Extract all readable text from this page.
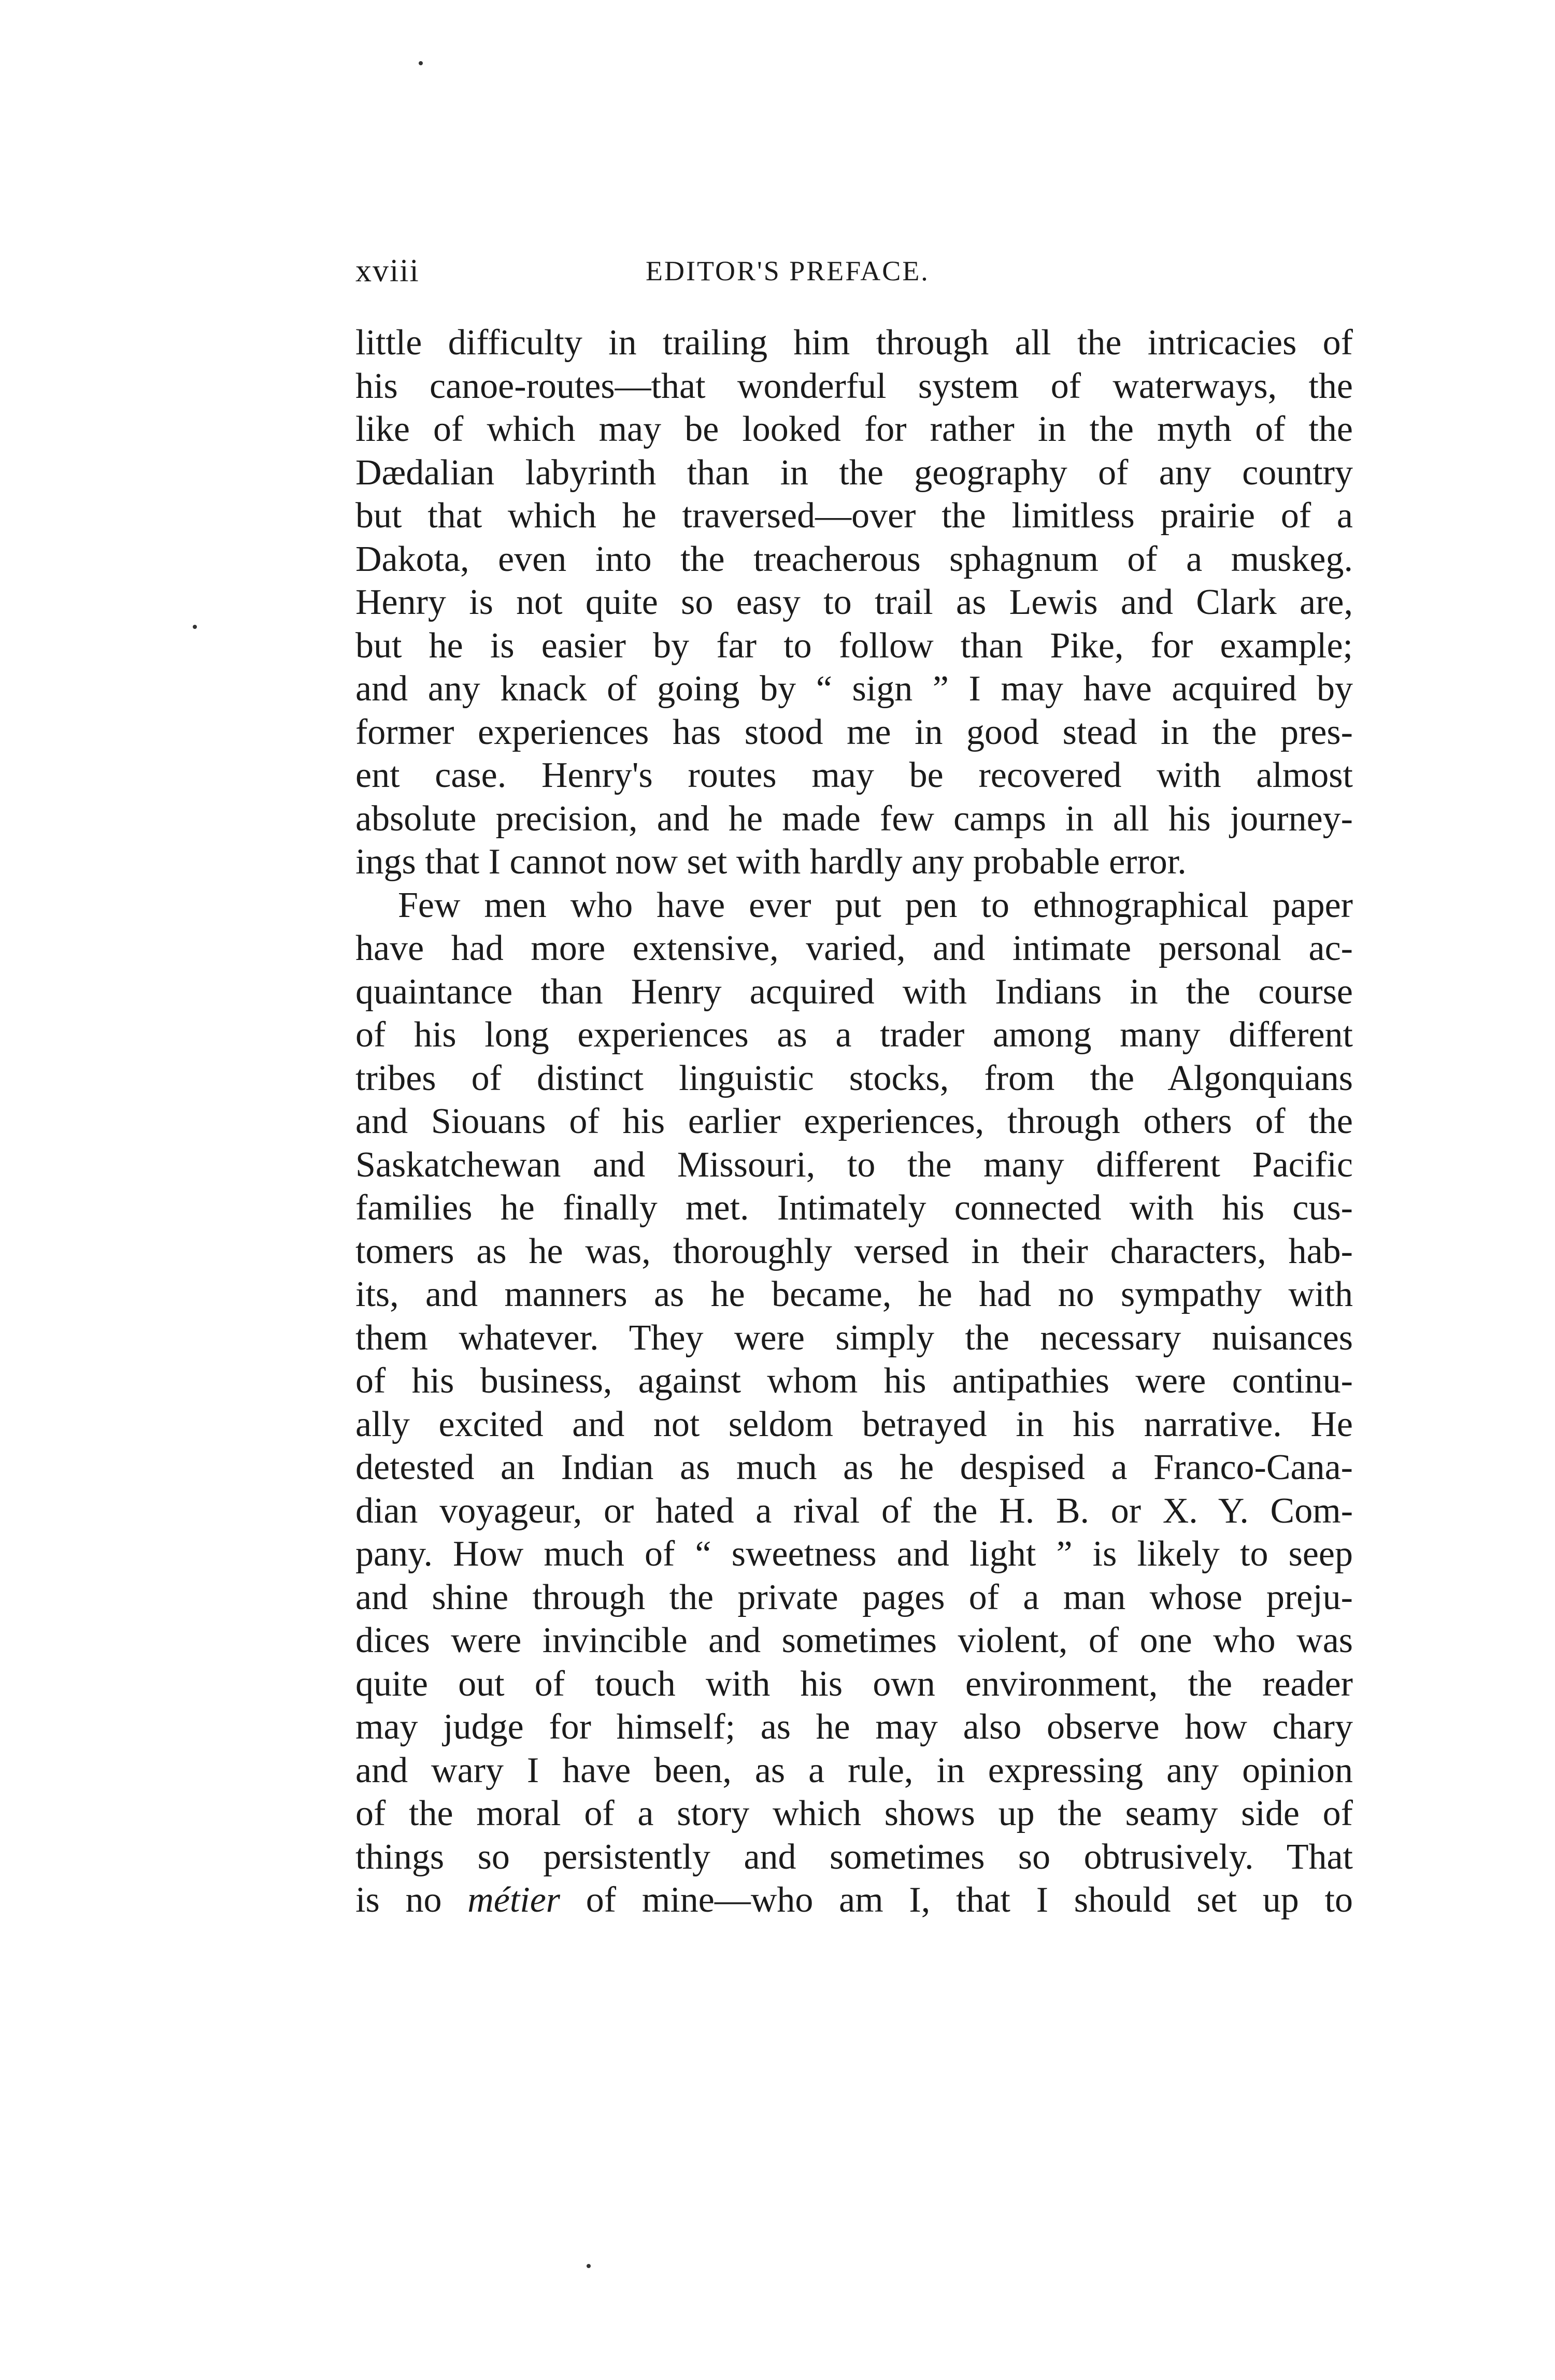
xviii	EDITOR'S PREFACE.
little difficulty in trailing him through all the intricacies of
his canoe-routes—that wonderful system of waterways, the
like of which may be looked for rather in the myth of the
Dædalian labyrinth than in the geography of any country
but that which he traversed—over the limitless prairie of a
Dakota, even into the treacherous sphagnum of a muskeg.
Henry is not quite so easy to trail as Lewis and Clark are,
but he is easier by far to follow than Pike, for example;
and any knack of going by “ sign ” I may have acquired by
former experiences has stood me in good stead in the pres-
ent case. Henry's routes may be recovered with almost
absolute precision, and he made few camps in all his journey-
ings that I cannot now set with hardly any probable error.
Few men who have ever put pen to ethnographical paper
have had more extensive, varied, and intimate personal ac-
quaintance than Henry acquired with Indians in the course
of his long experiences as a trader among many different
tribes of distinct linguistic stocks, from the Algonquians
and Siouans of his earlier experiences, through others of the
Saskatchewan and Missouri, to the many different Pacific
families he finally met. Intimately connected with his cus-
tomers as he was, thoroughly versed in their characters, hab-
its, and manners as he became, he had no sympathy with
them whatever. They were simply the necessary nuisances
of his business, against whom his antipathies were continu-
ally excited and not seldom betrayed in his narrative. He
detested an Indian as much as he despised a Franco-Cana-
dian voyageur, or hated a rival of the H. B. or X. Y. Com-
pany. How much of “ sweetness and light ” is likely to seep
and shine through the private pages of a man whose preju-
dices were invincible and sometimes violent, of one who was
quite out of touch with his own environment, the reader
may judge for himself; as he may also observe how chary
and wary I have been, as a rule, in expressing any opinion
of the moral of a story which shows up the seamy side of
things so persistently and sometimes so obtrusively. That
is no métier of mine—who am I, that I should set up to
